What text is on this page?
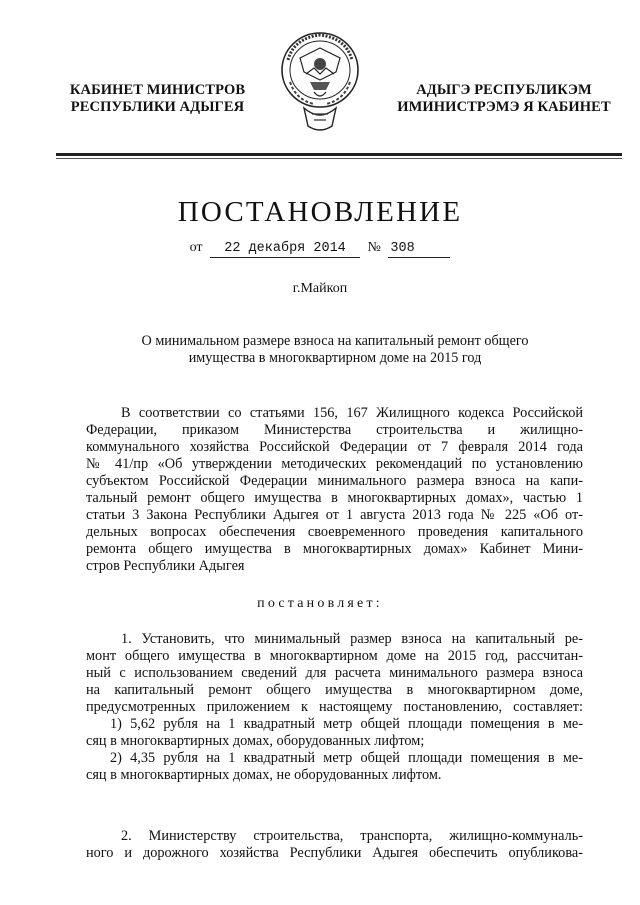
КАБИНЕТ МИНИСТРОВ
РЕСПУБЛИКИ АДЫГЕЯ
АДЫГЭ РЕСПУБЛИКЭМ
ИМИНИСТРЭМЭ Я КАБИНЕТ
ПОСТАНОВЛЕНИЕ
от 22 декабря 2014 № 308
г.Майкоп
О минимальном размере взноса на капитальный ремонт общего
имущества в многоквартирном доме на 2015 год
В соответствии со статьями 156, 167 Жилищного кодекса Российской
Федерации, приказом Министерства строительства и жилищно-
коммунального хозяйства Российской Федерации от 7 февраля 2014 года
№ 41/пр «Об утверждении методических рекомендаций по установлению
субъектом Российской Федерации минимального размера взноса на капи-
тальный ремонт общего имущества в многоквартирных домах», частью 1
статьи 3 Закона Республики Адыгея от 1 августа 2013 года № 225 «Об от-
дельных вопросах обеспечения своевременного проведения капитального
ремонта общего имущества в многоквартирных домах» Кабинет Мини-
стров Республики Адыгея
постановляет:
1. Установить, что минимальный размер взноса на капитальный ре-
монт общего имущества в многоквартирном доме на 2015 год, рассчитан-
ный с использованием сведений для расчета минимального размера взноса
на капитальный ремонт общего имущества в многоквартирном доме,
предусмотренных приложением к настоящему постановлению, составляет:
1) 5,62 рубля на 1 квадратный метр общей площади помещения в ме-
сяц в многоквартирных домах, оборудованных лифтом;
2) 4,35 рубля на 1 квадратный метр общей площади помещения в ме-
сяц в многоквартирных домах, не оборудованных лифтом.
2. Министерству строительства, транспорта, жилищно-коммуналь-
ного и дорожного хозяйства Республики Адыгея обеспечить опубликова-
